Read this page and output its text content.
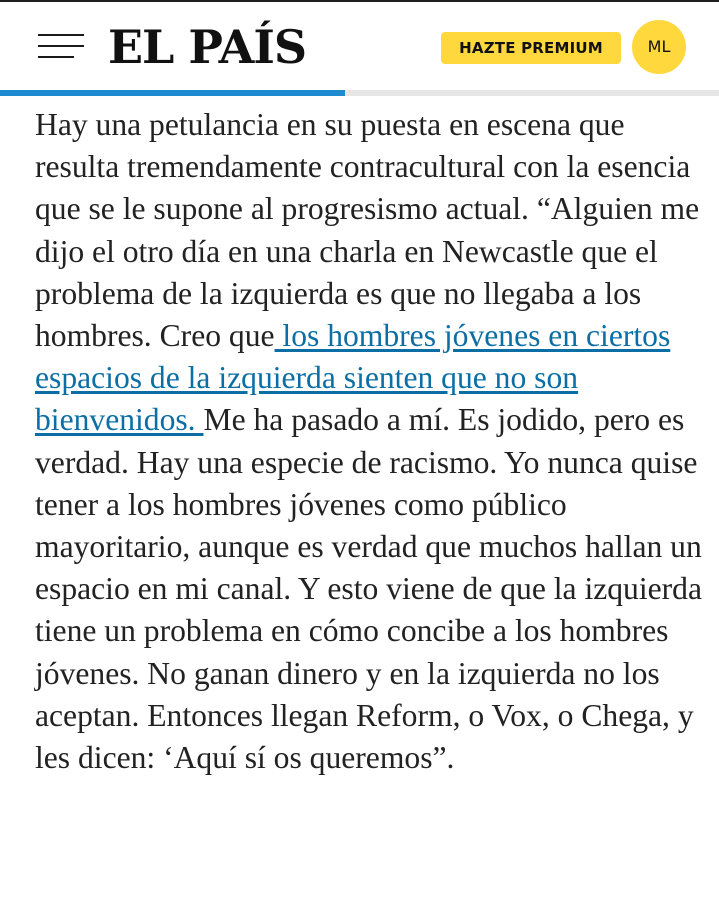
EL PAÍS	HAZTE PREMIUM	ML

Hay una petulancia en su puesta en escena que resulta tremendamente contracultural con la esencia que se le supone al progresismo actual. “Alguien me dijo el otro día en una charla en Newcastle que el problema de la izquierda es que no llegaba a los hombres. Creo que los hombres jóvenes en ciertos espacios de la izquierda sienten que no son bienvenidos. Me ha pasado a mí. Es jodido, pero es verdad. Hay una especie de racismo. Yo nunca quise tener a los hombres jóvenes como público mayoritario, aunque es verdad que muchos hallan un espacio en mi canal. Y esto viene de que la izquierda tiene un problema en cómo concibe a los hombres jóvenes. No ganan dinero y en la izquierda no los aceptan. Entonces llegan Reform, o Vox, o Chega, y les dicen: ‘Aquí sí os queremos”.
